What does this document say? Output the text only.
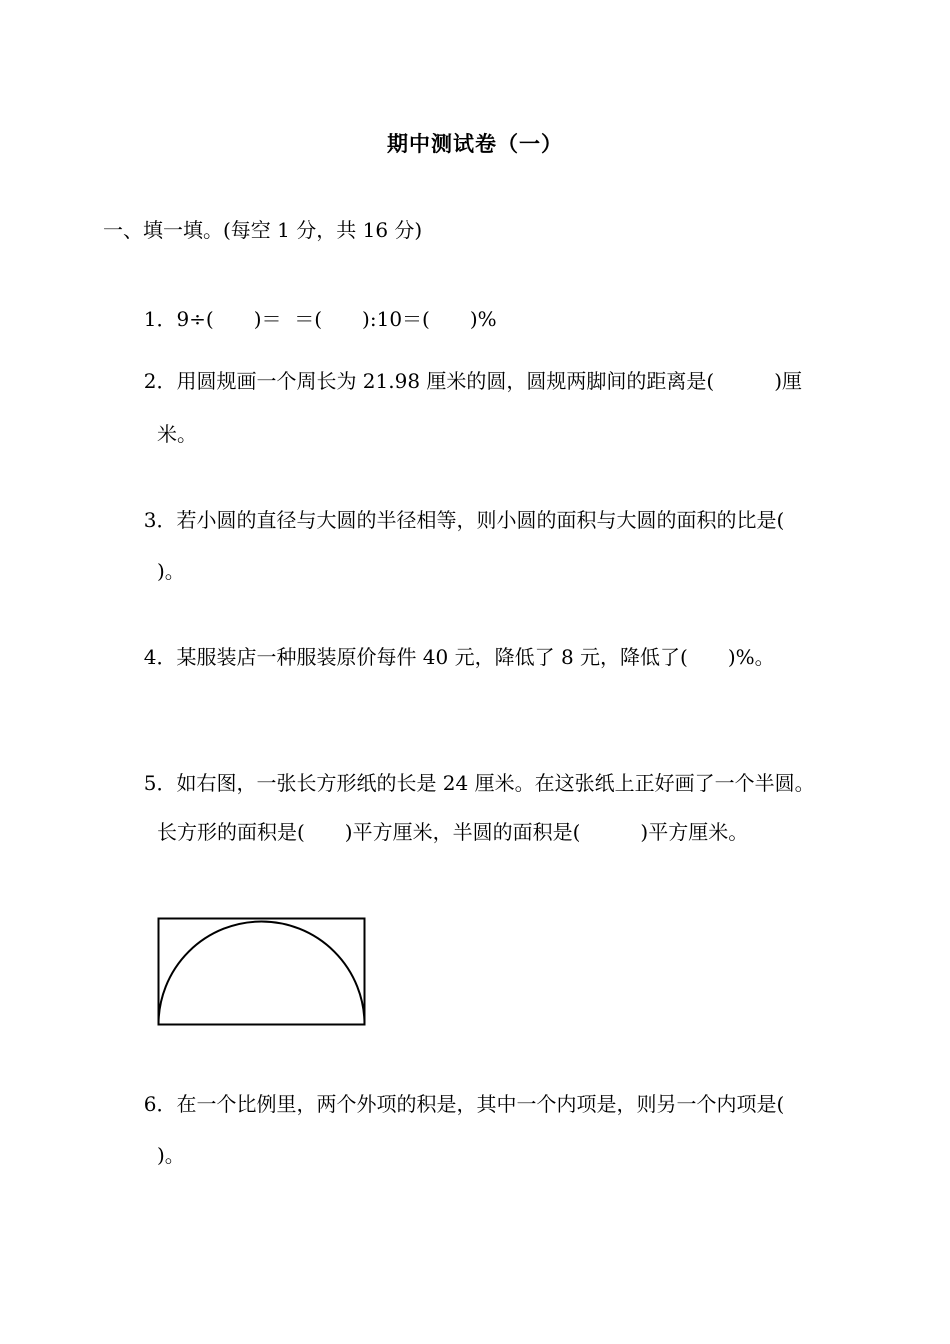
期中测试卷（一）
一、填一填。(每空 1 分，共 16 分)

1．9÷(　　)＝  ＝(　　):10＝(　　)%

2．用圆规画一个周长为 21.98 厘米的圆，圆规两脚间的距离是(　　　)厘

米。

3．若小圆的直径与大圆的半径相等，则小圆的面积与大圆的面积的比是(

)。

4．某服装店一种服装原价每件 40 元，降低了 8 元，降低了(　　)%。

5．如右图，一张长方形纸的长是 24 厘米。在这张纸上正好画了一个半圆。

长方形的面积是(　　)平方厘米，半圆的面积是(　　　)平方厘米。

6．在一个比例里，两个外项的积是，其中一个内项是，则另一个内项是(

)。
